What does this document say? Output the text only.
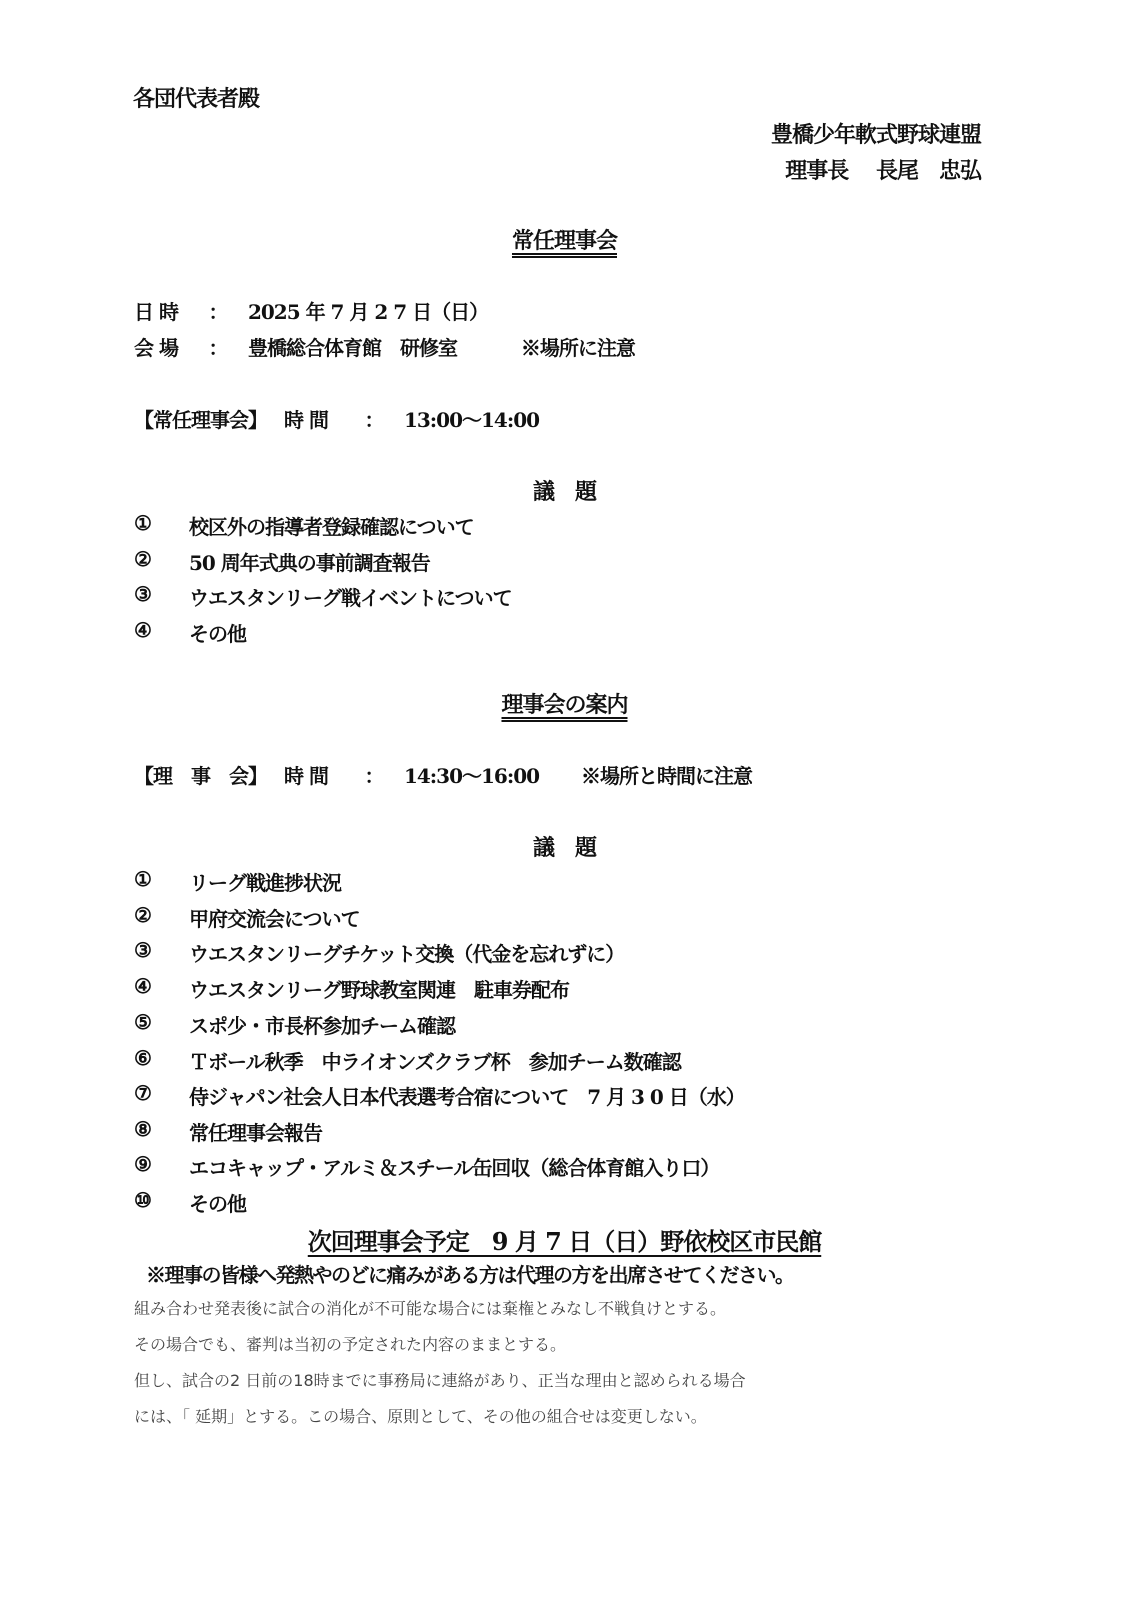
各団代表者殿
豊橋少年軟式野球連盟
理事長　 長尾　忠弘
常任理事会
日 時 ： 2025 年 7 月 2 7 日（日）
会 場 ： 豊橋総合体育館　研修室	※場所に注意
【常任理事会】 時 間 ： 13:00～14:00
議　題
①	校区外の指導者登録確認について
②	50 周年式典の事前調査報告
③	ウエスタンリーグ戦イベントについて
④	その他
理事会の案内
【理　事　会】 時 間 ： 14:30～16:00 ※場所と時間に注意
議　題
①	リーグ戦進捗状況
②	甲府交流会について
③	ウエスタンリーグチケット交換（代金を忘れずに）
④	ウエスタンリーグ野球教室関連　駐車券配布
⑤	スポ少・市長杯参加チーム確認
⑥	Ｔボール秋季　中ライオンズクラブ杯　参加チーム数確認
⑦	侍ジャパン社会人日本代表選考合宿について　7 月 3 0 日（水）
⑧	常任理事会報告
⑨	エコキャップ・アルミ＆スチール缶回収（総合体育館入り口）
⑩	その他
次回理事会予定　9 月 7 日（日）野依校区市民館
※理事の皆様へ発熱やのどに痛みがある方は代理の方を出席させてください。
組み合わせ発表後に試合の消化が不可能な場合には棄権とみなし不戦負けとする。
その場合でも、審判は当初の予定された内容のままとする。
但し、試合の2 日前の18時までに事務局に連絡があり、正当な理由と認められる場合
には、「 延期」とする。この場合、原則として、その他の組合せは変更しない。
